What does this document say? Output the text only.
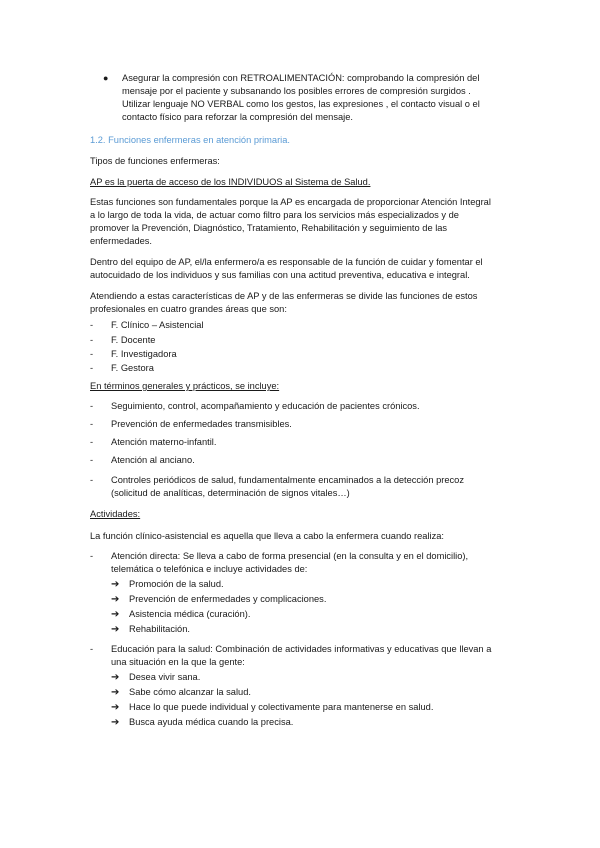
● Asegurar la compresión con RETROALIMENTACIÓN: comprobando la compresión del
mensaje por el paciente y subsanando los posibles errores de compresión surgidos .
Utilizar lenguaje NO VERBAL como los gestos, las expresiones , el contacto visual o el
contacto físico para reforzar la compresión del mensaje.
1.2. Funciones enfermeras en atención primaria.
Tipos de funciones enfermeras:
AP es la puerta de acceso de los INDIVIDUOS al Sistema de Salud.
Estas funciones son fundamentales porque la AP es encargada de proporcionar Atención Integral
a lo largo de toda la vida, de actuar como filtro para los servicios más especializados y de
promover la Prevención, Diagnóstico, Tratamiento, Rehabilitación y seguimiento de las
enfermedades.
Dentro del equipo de AP, el/la enfermero/a es responsable de la función de cuidar y fomentar el
autocuidado de los individuos y sus familias con una actitud preventiva, educativa e integral.
Atendiendo a estas características de AP y de las enfermeras se divide las funciones de estos
profesionales en cuatro grandes áreas que son:
- F. Clínico – Asistencial
- F. Docente
- F. Investigadora
- F. Gestora
En términos generales y prácticos, se incluye:
- Seguimiento, control, acompañamiento y educación de pacientes crónicos.
- Prevención de enfermedades transmisibles.
- Atención materno-infantil.
- Atención al anciano.
- Controles periódicos de salud, fundamentalmente encaminados a la detección precoz
(solicitud de analíticas, determinación de signos vitales…)
Actividades:
La función clínico-asistencial es aquella que lleva a cabo la enfermera cuando realiza:
- Atención directa: Se lleva a cabo de forma presencial (en la consulta y en el domicilio),
telemática o telefónica e incluye actividades de:
➔ Promoción de la salud.
➔ Prevención de enfermedades y complicaciones.
➔ Asistencia médica (curación).
➔ Rehabilitación.
- Educación para la salud: Combinación de actividades informativas y educativas que llevan a
una situación en la que la gente:
➔ Desea vivir sana.
➔ Sabe cómo alcanzar la salud.
➔ Hace lo que puede individual y colectivamente para mantenerse en salud.
➔ Busca ayuda médica cuando la precisa.
